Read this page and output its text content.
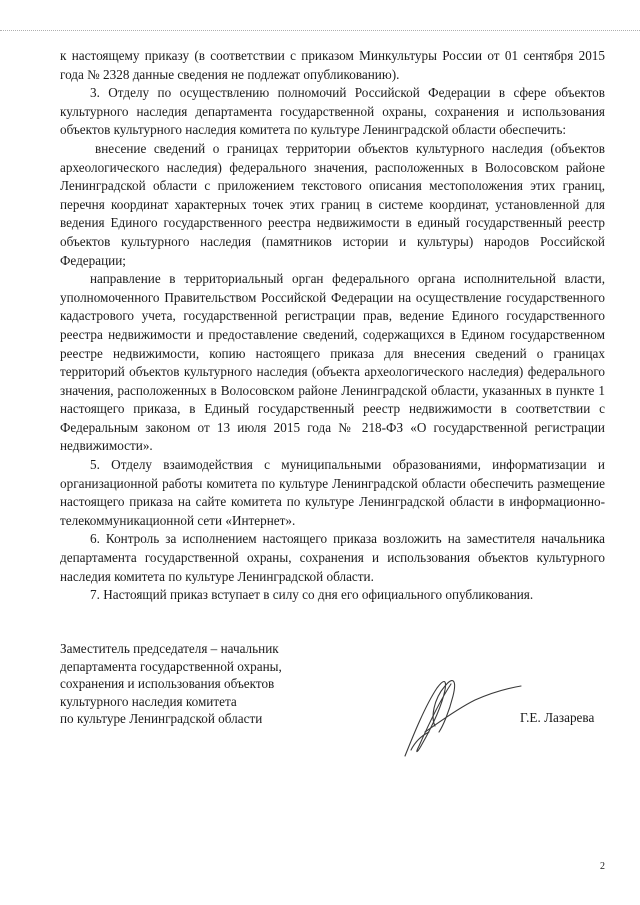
к настоящему приказу (в соответствии с приказом Минкультуры России от 01 сентября 2015 года № 2328 данные сведения не подлежат опубликованию).

3. Отделу по осуществлению полномочий Российской Федерации в сфере объектов культурного наследия департамента государственной охраны, сохранения и использования объектов культурного наследия комитета по культуре Ленинградской области обеспечить:

внесение сведений о границах территории объектов культурного наследия (объектов археологического наследия) федерального значения, расположенных в Волосовском районе Ленинградской области с приложением текстового описания местоположения этих границ, перечня координат характерных точек этих границ в системе координат, установленной для ведения Единого государственного реестра недвижимости в единый государственный реестр объектов культурного наследия (памятников истории и культуры) народов Российской Федерации;

направление в территориальный орган федерального органа исполнительной власти, уполномоченного Правительством Российской Федерации на осуществление государственного кадастрового учета, государственной регистрации прав, ведение Единого государственного реестра недвижимости и предоставление сведений, содержащихся в Едином государственном реестре недвижимости, копию настоящего приказа для внесения сведений о границах территорий объектов культурного наследия (объекта археологического наследия) федерального значения, расположенных в Волосовском районе Ленинградской области, указанных в пункте 1 настоящего приказа, в Единый государственный реестр недвижимости в соответствии с Федеральным законом от 13 июля 2015 года № 218-ФЗ «О государственной регистрации недвижимости».

5. Отделу взаимодействия с муниципальными образованиями, информатизации и организационной работы комитета по культуре Ленинградской области обеспечить размещение настоящего приказа на сайте комитета по культуре Ленинградской области в информационно-телекоммуникационной сети «Интернет».

6. Контроль за исполнением настоящего приказа возложить на заместителя начальника департамента государственной охраны, сохранения и использования объектов культурного наследия комитета по культуре Ленинградской области.

7. Настоящий приказ вступает в силу со дня его официального опубликования.

Заместитель председателя – начальник
департамента государственной охраны,
сохранения и использования объектов
культурного наследия комитета
по культуре Ленинградской области	Г.Е. Лазарева
2
